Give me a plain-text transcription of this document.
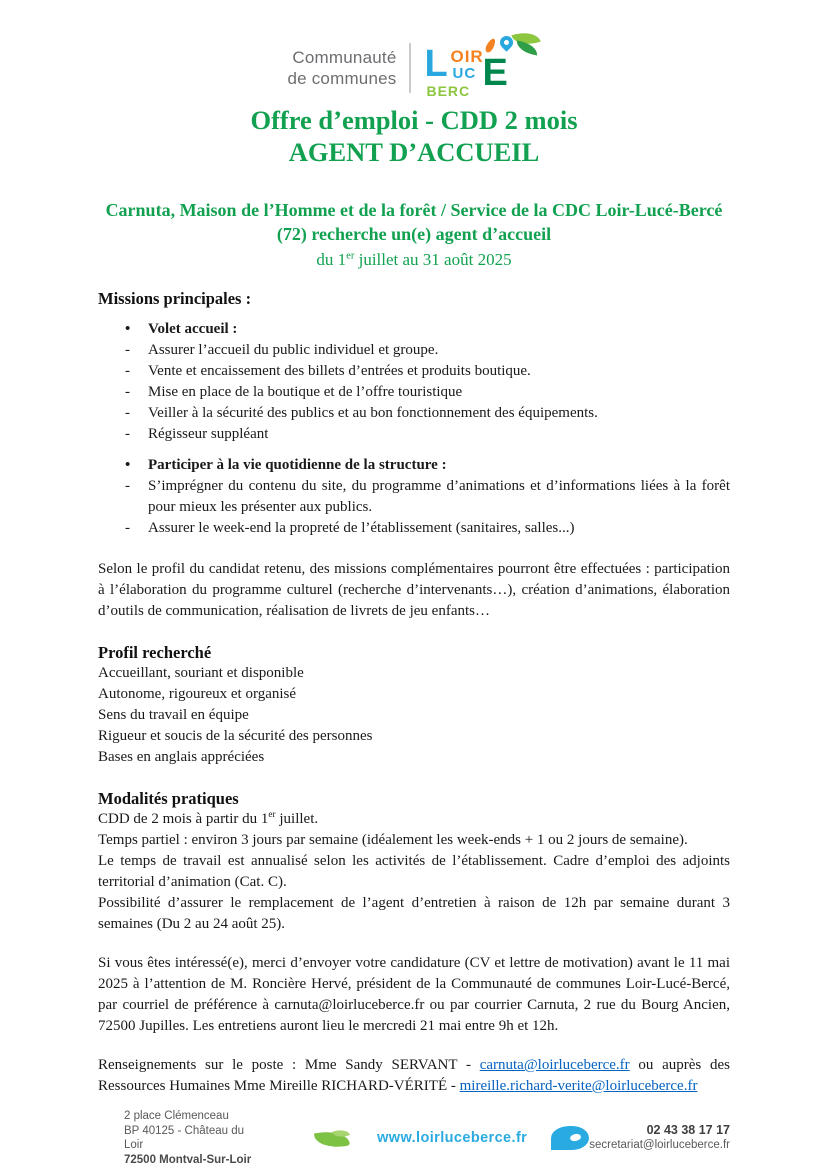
Communauté
de communes L OIR
UC E
BERC
Offre d’emploi - CDD 2 mois
AGENT D’ACCUEIL
Carnuta, Maison de l’Homme et de la forêt / Service de la CDC Loir-Lucé-Bercé (72) recherche un(e) agent d’accueil
du 1er juillet au 31 août 2025
Missions principales :
•	Volet accueil :
-	Assurer l’accueil du public individuel et groupe.
-	Vente et encaissement des billets d’entrées et produits boutique.
-	Mise en place de la boutique et de l’offre touristique
-	Veiller à la sécurité des publics et au bon fonctionnement des équipements.
-	Régisseur suppléant
•	Participer à la vie quotidienne de la structure :
-	S’imprégner du contenu du site, du programme d’animations et d’informations liées à la forêt pour mieux les présenter aux publics.
-	Assurer le week-end la propreté de l’établissement (sanitaires, salles...)

Selon le profil du candidat retenu, des missions complémentaires pourront être effectuées : participation à l’élaboration du programme culturel (recherche d’intervenants…), création d’animations, élaboration d’outils de communication, réalisation de livrets de jeu enfants…

Profil recherché
Accueillant, souriant et disponible
Autonome, rigoureux et organisé
Sens du travail en équipe
Rigueur et soucis de la sécurité des personnes
Bases en anglais appréciées
Modalités pratiques

CDD de 2 mois à partir du 1er juillet.

Temps partiel : environ 3 jours par semaine (idéalement les week-ends + 1 ou 2 jours de semaine).

Le temps de travail est annualisé selon les activités de l’établissement. Cadre d’emploi des adjoints territorial d’animation (Cat. C).

Possibilité d’assurer le remplacement de l’agent d’entretien à raison de 12h par semaine durant 3 semaines (Du 2 au 24 août 25).

Si vous êtes intéressé(e), merci d’envoyer votre candidature (CV et lettre de motivation) avant le 11 mai 2025 à l’attention de M. Roncière Hervé, président de la Communauté de communes Loir-Lucé-Bercé, par courriel de préférence à carnuta@loirluceberce.fr ou par courrier Carnuta, 2 rue du Bourg Ancien, 72500 Jupilles. Les entretiens auront lieu le mercredi 21 mai entre 9h et 12h.

Renseignements sur le poste : Mme Sandy SERVANT - carnuta@loirluceberce.fr ou auprès des Ressources Humaines Mme Mireille RICHARD-VÉRITÉ - mireille.richard-verite@loirluceberce.fr

2 place Clémenceau
BP 40125 - Château du Loir
72500 Montval-Sur-Loir
www.loirluceberce.fr	02 43 38 17 17
secretariat@loirluceberce.fr
